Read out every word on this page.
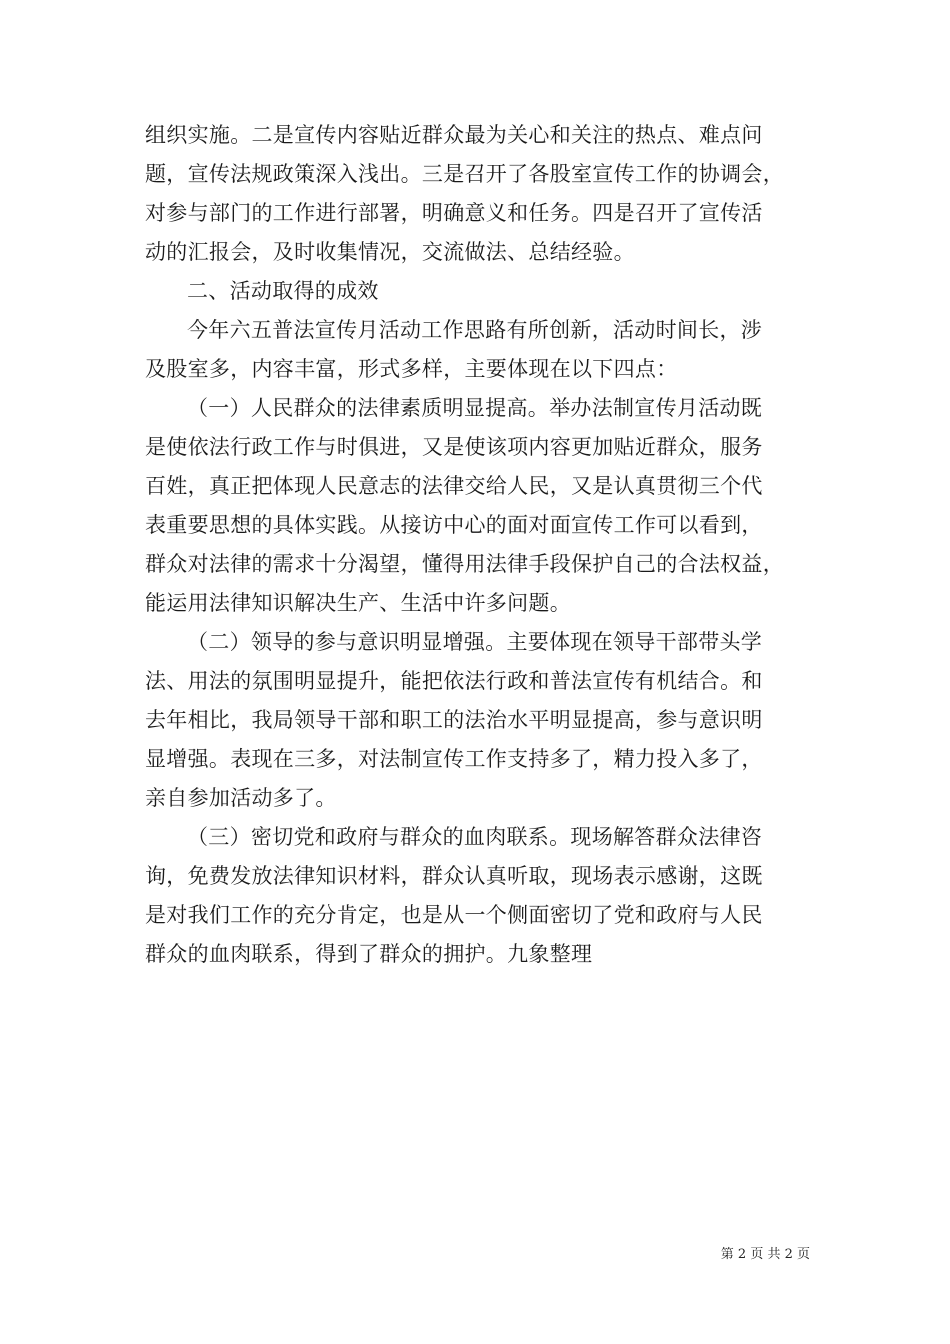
组织实施。二是宣传内容贴近群众最为关心和关注的热点、难点问
题，宣传法规政策深入浅出。三是召开了各股室宣传工作的协调会，
对参与部门的工作进行部署，明确意义和任务。四是召开了宣传活
动的汇报会，及时收集情况，交流做法、总结经验。
二、活动取得的成效
今年六五普法宣传月活动工作思路有所创新，活动时间长，涉
及股室多，内容丰富，形式多样，主要体现在以下四点：
（一）人民群众的法律素质明显提高。举办法制宣传月活动既
是使依法行政工作与时俱进，又是使该项内容更加贴近群众，服务
百姓，真正把体现人民意志的法律交给人民，又是认真贯彻三个代
表重要思想的具体实践。从接访中心的面对面宣传工作可以看到，
群众对法律的需求十分渴望，懂得用法律手段保护自己的合法权益，
能运用法律知识解决生产、生活中许多问题。
（二）领导的参与意识明显增强。主要体现在领导干部带头学
法、用法的氛围明显提升，能把依法行政和普法宣传有机结合。和
去年相比，我局领导干部和职工的法治水平明显提高，参与意识明
显增强。表现在三多，对法制宣传工作支持多了，精力投入多了，
亲自参加活动多了。
（三）密切党和政府与群众的血肉联系。现场解答群众法律咨
询，免费发放法律知识材料，群众认真听取，现场表示感谢，这既
是对我们工作的充分肯定，也是从一个侧面密切了党和政府与人民
群众的血肉联系，得到了群众的拥护。九象整理
第 2 页 共 2 页
